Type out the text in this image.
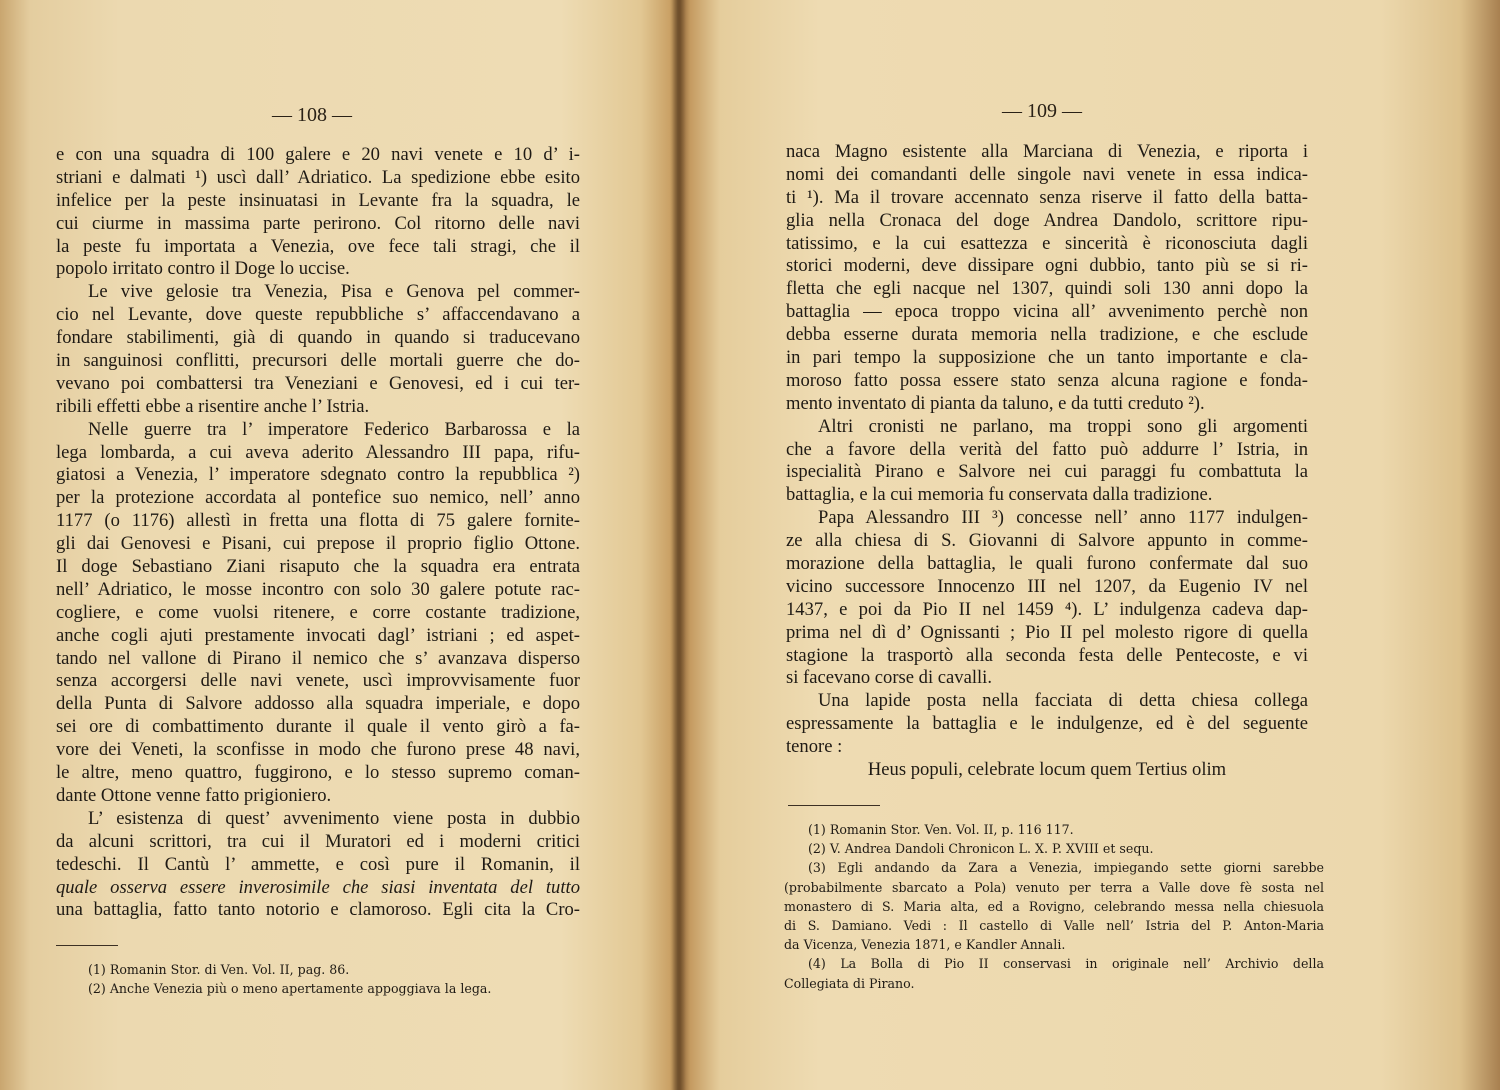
— 108 —
e con una squadra di 100 galere e 20 navi venete e 10 d’ i-
striani e dalmati ¹) uscì dall’ Adriatico. La spedizione ebbe esito
infelice per la peste insinuatasi in Levante fra la squadra, le
cui ciurme in massima parte perirono. Col ritorno delle navi
la peste fu importata a Venezia, ove fece tali stragi, che il
popolo irritato contro il Doge lo uccise.
Le vive gelosie tra Venezia, Pisa e Genova pel commer-
cio nel Levante, dove queste repubbliche s’ affaccendavano a
fondare stabilimenti, già di quando in quando si traducevano
in sanguinosi conflitti, precursori delle mortali guerre che do-
vevano poi combattersi tra Veneziani e Genovesi, ed i cui ter-
ribili effetti ebbe a risentire anche l’ Istria.
Nelle guerre tra l’ imperatore Federico Barbarossa e la
lega lombarda, a cui aveva aderito Alessandro III papa, rifu-
giatosi a Venezia, l’ imperatore sdegnato contro la repubblica ²)
per la protezione accordata al pontefice suo nemico, nell’ anno
1177 (o 1176) allestì in fretta una flotta di 75 galere fornite-
gli dai Genovesi e Pisani, cui prepose il proprio figlio Ottone.
Il doge Sebastiano Ziani risaputo che la squadra era entrata
nell’ Adriatico, le mosse incontro con solo 30 galere potute rac-
cogliere, e come vuolsi ritenere, e corre costante tradizione,
anche cogli ajuti prestamente invocati dagl’ istriani ; ed aspet-
tando nel vallone di Pirano il nemico che s’ avanzava disperso
senza accorgersi delle navi venete, uscì improvvisamente fuor
della Punta di Salvore addosso alla squadra imperiale, e dopo
sei ore di combattimento durante il quale il vento girò a fa-
vore dei Veneti, la sconfisse in modo che furono prese 48 navi,
le altre, meno quattro, fuggirono, e lo stesso supremo coman-
dante Ottone venne fatto prigioniero.
L’ esistenza di quest’ avvenimento viene posta in dubbio
da alcuni scrittori, tra cui il Muratori ed i moderni critici
tedeschi. Il Cantù l’ ammette, e così pure il Romanin, il
quale osserva essere inverosimile che siasi inventata del tutto
una battaglia, fatto tanto notorio e clamoroso. Egli cita la Cro-
(1) Romanin Stor. di Ven. Vol. II, pag. 86.
(2) Anche Venezia più o meno apertamente appoggiava la lega.
— 109 —
naca Magno esistente alla Marciana di Venezia, e riporta i
nomi dei comandanti delle singole navi venete in essa indica-
ti ¹). Ma il trovare accennato senza riserve il fatto della batta-
glia nella Cronaca del doge Andrea Dandolo, scrittore ripu-
tatissimo, e la cui esattezza e sincerità è riconosciuta dagli
storici moderni, deve dissipare ogni dubbio, tanto più se si ri-
fletta che egli nacque nel 1307, quindi soli 130 anni dopo la
battaglia — epoca troppo vicina all’ avvenimento perchè non
debba esserne durata memoria nella tradizione, e che esclude
in pari tempo la supposizione che un tanto importante e cla-
moroso fatto possa essere stato senza alcuna ragione e fonda-
mento inventato di pianta da taluno, e da tutti creduto ²).
Altri cronisti ne parlano, ma troppi sono gli argomenti
che a favore della verità del fatto può addurre l’ Istria, in
ispecialità Pirano e Salvore nei cui paraggi fu combattuta la
battaglia, e la cui memoria fu conservata dalla tradizione.
Papa Alessandro III ³) concesse nell’ anno 1177 indulgen-
ze alla chiesa di S. Giovanni di Salvore appunto in comme-
morazione della battaglia, le quali furono confermate dal suo
vicino successore Innocenzo III nel 1207, da Eugenio IV nel
1437, e poi da Pio II nel 1459 ⁴). L’ indulgenza cadeva dap-
prima nel dì d’ Ognissanti ; Pio II pel molesto rigore di quella
stagione la trasportò alla seconda festa delle Pentecoste, e vi
si facevano corse di cavalli.
Una lapide posta nella facciata di detta chiesa collega
espressamente la battaglia e le indulgenze, ed è del seguente
tenore :
Heus populi, celebrate locum quem Tertius olim
(1) Romanin Stor. Ven. Vol. II, p. 116 117.
(2) V. Andrea Dandoli Chronicon L. X. P. XVIII et sequ.
(3) Egli andando da Zara a Venezia, impiegando sette giorni sarebbe
(probabilmente sbarcato a Pola) venuto per terra a Valle dove fè sosta nel
monastero di S. Maria alta, ed a Rovigno, celebrando messa nella chiesuola
di S. Damiano. Vedi : Il castello di Valle nell’ Istria del P. Anton-Maria
da Vicenza, Venezia 1871, e Kandler Annali.
(4) La Bolla di Pio II conservasi in originale nell’ Archivio della
Collegiata di Pirano.
